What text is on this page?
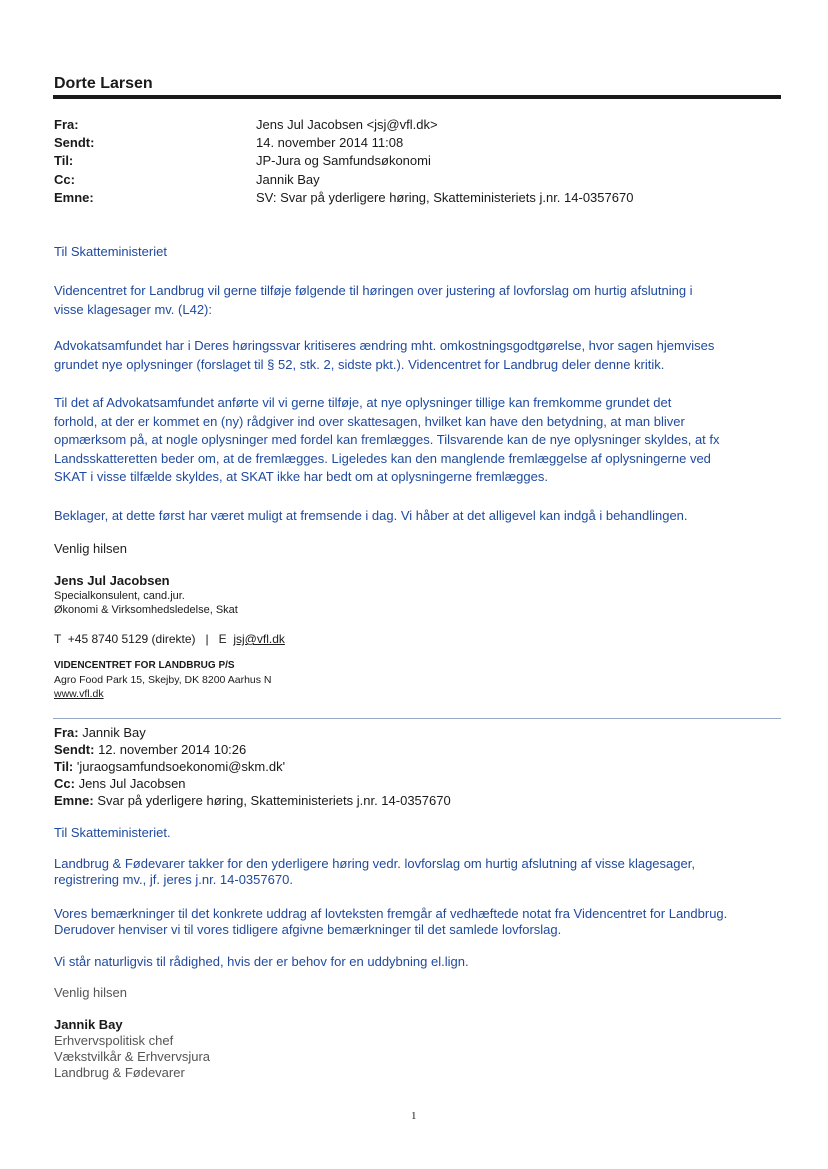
Dorte Larsen
Fra:	Jens Jul Jacobsen <jsj@vfl.dk>
Sendt:	14. november 2014 11:08
Til:	JP-Jura og Samfundsøkonomi
Cc:	Jannik Bay
Emne:	SV: Svar på yderligere høring, Skatteministeriets j.nr. 14-0357670
Til Skatteministeriet
Videncentret for Landbrug vil gerne tilføje følgende til høringen over justering af lovforslag om hurtig afslutning i
visse klagesager mv. (L42):
Advokatsamfundet har i Deres høringssvar kritiseres ændring mht. omkostningsgodtgørelse, hvor sagen hjemvises
grundet nye oplysninger (forslaget til § 52, stk. 2, sidste pkt.). Videncentret for Landbrug deler denne kritik.
Til det af Advokatsamfundet anførte vil vi gerne tilføje, at nye oplysninger tillige kan fremkomme grundet det
forhold, at der er kommet en (ny) rådgiver ind over skattesagen, hvilket kan have den betydning, at man bliver
opmærksom på, at nogle oplysninger med fordel kan fremlægges. Tilsvarende kan de nye oplysninger skyldes, at fx
Landsskatteretten beder om, at de fremlægges. Ligeledes kan den manglende fremlæggelse af oplysningerne ved
SKAT i visse tilfælde skyldes, at SKAT ikke har bedt om at oplysningerne fremlægges.
Beklager, at dette først har været muligt at fremsende i dag. Vi håber at det alligevel kan indgå i behandlingen.
Venlig hilsen
Jens Jul Jacobsen
Specialkonsulent, cand.jur.
Økonomi & Virksomhedsledelse, Skat
T  +45 8740 5129 (direkte)   |   E  jsj@vfl.dk
VIDENCENTRET FOR LANDBRUG P/S
Agro Food Park 15, Skejby, DK 8200 Aarhus N
www.vfl.dk
Fra: Jannik Bay
Sendt: 12. november 2014 10:26
Til: 'juraogsamfundsoekonomi@skm.dk'
Cc: Jens Jul Jacobsen
Emne: Svar på yderligere høring, Skatteministeriets j.nr. 14-0357670
Til Skatteministeriet.
Landbrug & Fødevarer takker for den yderligere høring vedr. lovforslag om hurtig afslutning af visse klagesager,
registrering mv., jf. jeres j.nr. 14-0357670.
Vores bemærkninger til det konkrete uddrag af lovteksten fremgår af vedhæftede notat fra Videncentret for Landbrug.
Derudover henviser vi til vores tidligere afgivne bemærkninger til det samlede lovforslag.
Vi står naturligvis til rådighed, hvis der er behov for en uddybning el.lign.
Venlig hilsen
Jannik Bay
Erhvervspolitisk chef
Vækstvilkår & Erhvervsjura
Landbrug & Fødevarer
1
